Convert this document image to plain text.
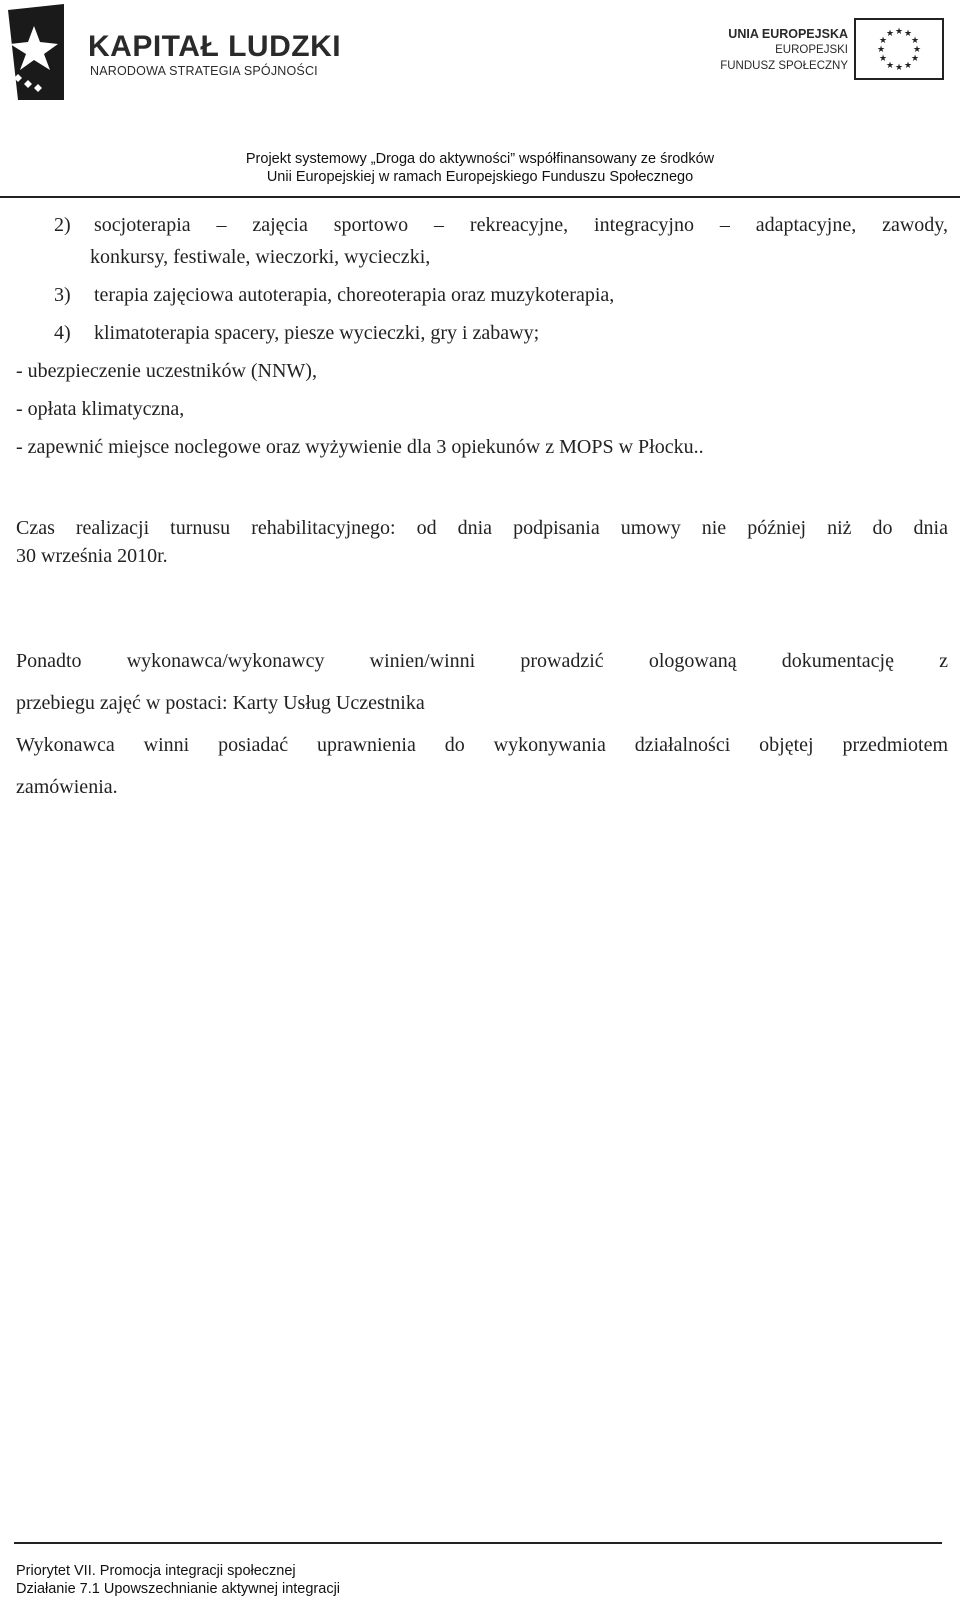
KAPITAŁ LUDZKI
NARODOWA STRATEGIA SPÓJNOŚCI
UNIA EUROPEJSKA
EUROPEJSKI
FUNDUSZ SPOŁECZNY
★ ★
★
★
★
★
★
★
★
★
★
★
Projekt systemowy „Droga do aktywności” współfinansowany ze środków
Unii Europejskiej w ramach Europejskiego Funduszu Społecznego
2)	socjoterapia – zajęcia sportowo – rekreacyjne, integracyjno – adaptacyjne, zawody,
konkursy, festiwale, wieczorki, wycieczki,
3)	terapia zajęciowa autoterapia, choreoterapia oraz muzykoterapia,
4)	klimatoterapia spacery, piesze wycieczki, gry i zabawy;
- ubezpieczenie uczestników (NNW),
- opłata klimatyczna,
- zapewnić miejsce noclegowe oraz wyżywienie dla 3 opiekunów z MOPS w Płocku..
Czas realizacji turnusu rehabilitacyjnego: od dnia podpisania umowy nie później niż do dnia
30 września 2010r.
Ponadto wykonawca/wykonawcy winien/winni prowadzić ologowaną dokumentację z
przebiegu zajęć w postaci: Karty Usług Uczestnika
Wykonawca winni posiadać uprawnienia do wykonywania działalności objętej przedmiotem
zamówienia.
Priorytet VII. Promocja integracji społecznej
Działanie 7.1 Upowszechnianie aktywnej integracji
